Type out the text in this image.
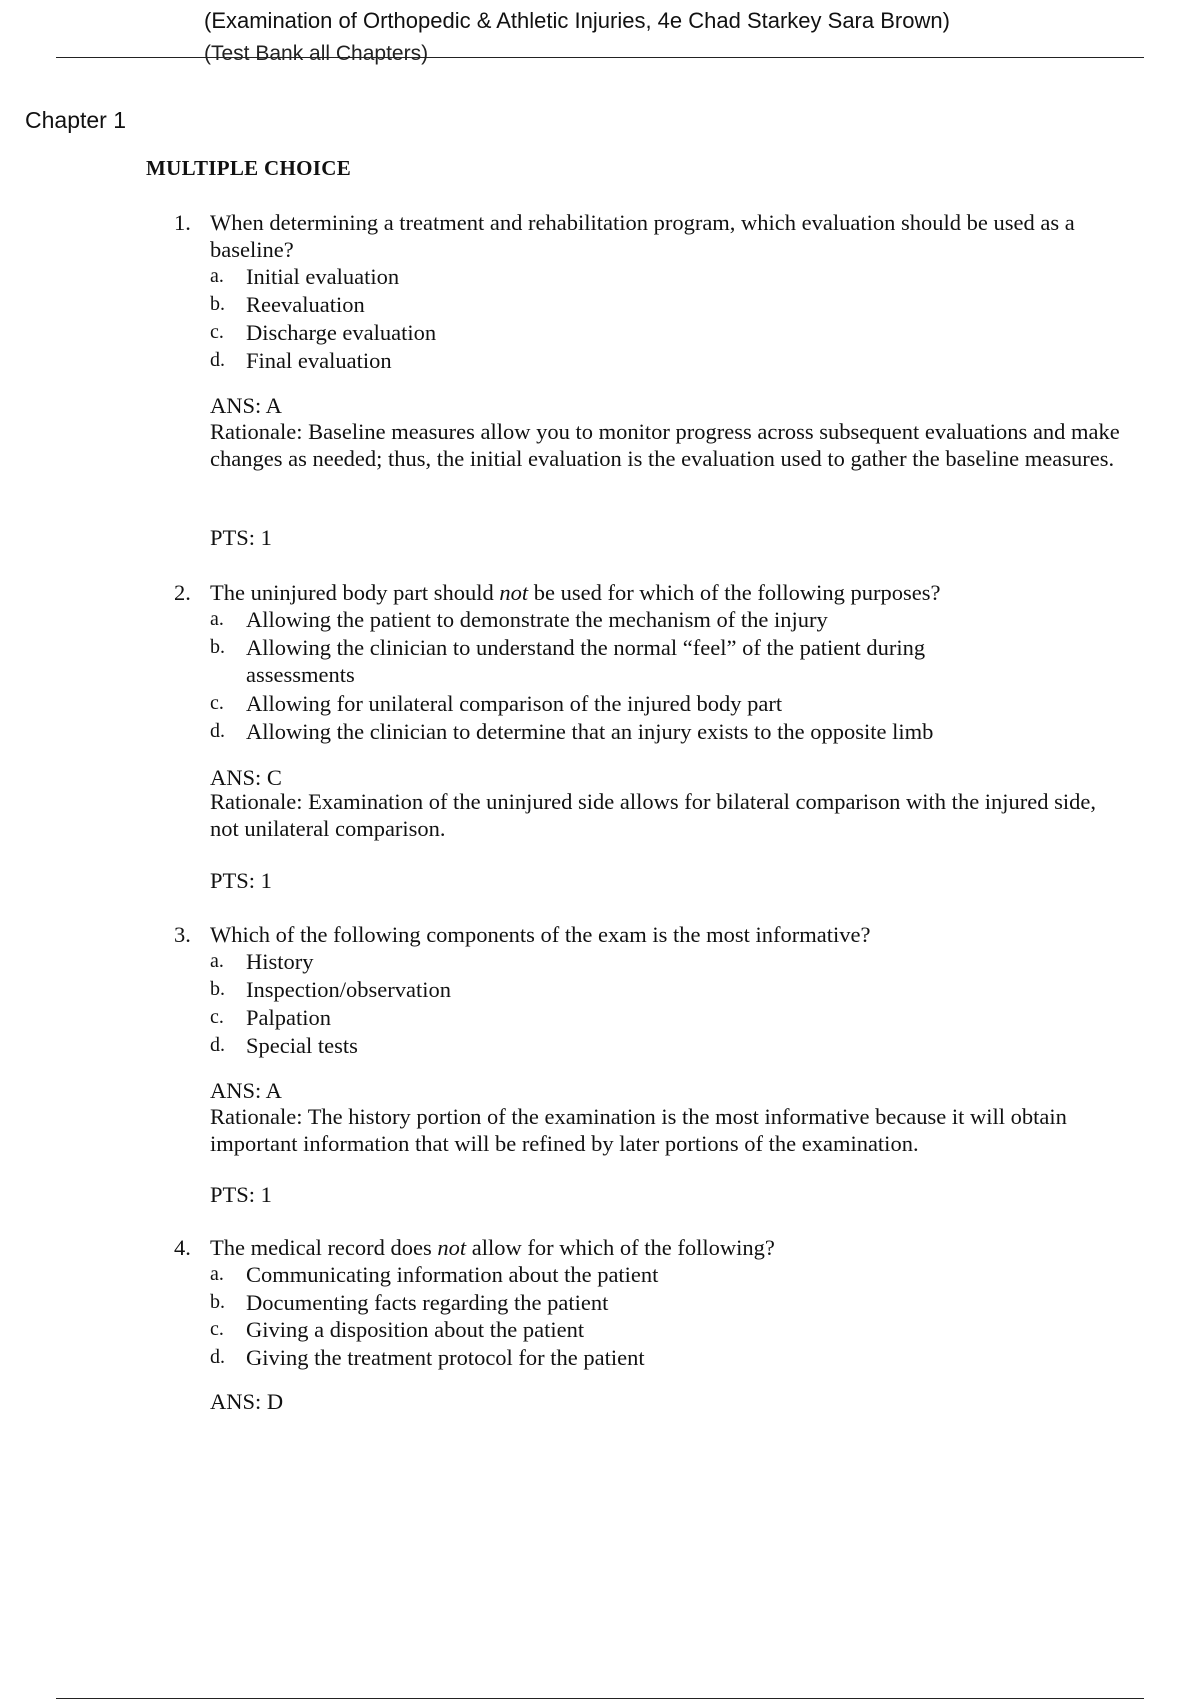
(Examination of Orthopedic & Athletic Injuries, 4e Chad Starkey Sara Brown)
(Test Bank all Chapters)
Chapter 1
MULTIPLE CHOICE
1. When determining a treatment and rehabilitation program, which evaluation should be used as a baseline?
a. Initial evaluation
b. Reevaluation
c. Discharge evaluation
d. Final evaluation
ANS: A
Rationale: Baseline measures allow you to monitor progress across subsequent evaluations and make changes as needed; thus, the initial evaluation is the evaluation used to gather the baseline measures.
PTS: 1
2. The uninjured body part should not be used for which of the following purposes?
a. Allowing the patient to demonstrate the mechanism of the injury
b. Allowing the clinician to understand the normal “feel” of the patient during assessments
c. Allowing for unilateral comparison of the injured body part
d. Allowing the clinician to determine that an injury exists to the opposite limb
ANS: C
Rationale: Examination of the uninjured side allows for bilateral comparison with the injured side, not unilateral comparison.
PTS: 1
3. Which of the following components of the exam is the most informative?
a. History
b. Inspection/observation
c. Palpation
d. Special tests
ANS: A
Rationale: The history portion of the examination is the most informative because it will obtain important information that will be refined by later portions of the examination.
PTS: 1
4. The medical record does not allow for which of the following?
a. Communicating information about the patient
b. Documenting facts regarding the patient
c. Giving a disposition about the patient
d. Giving the treatment protocol for the patient
ANS: D
